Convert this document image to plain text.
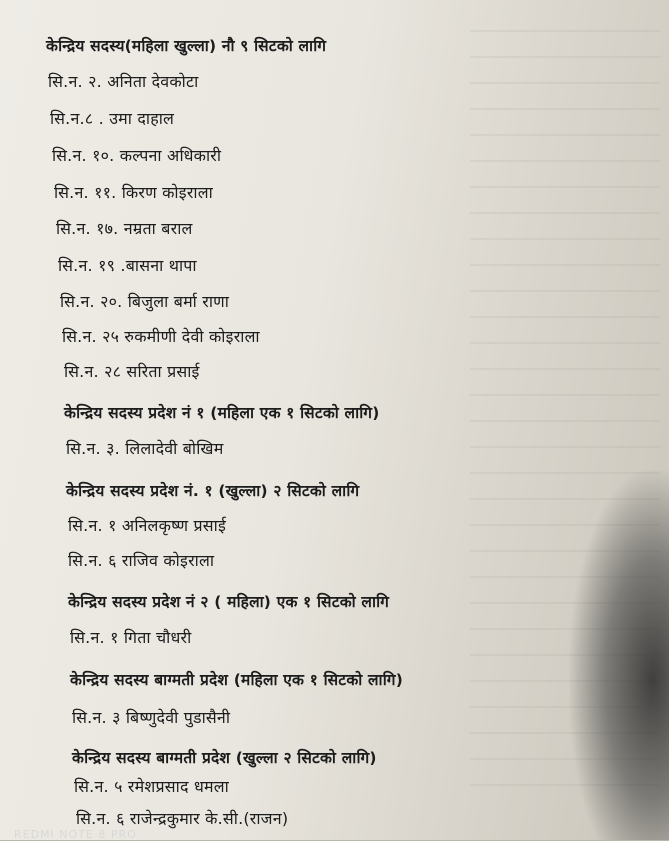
केन्द्रिय सदस्य(महिला खुल्ला) नौ ९ सिटको लागि
सि.न. २. अनिता देवकोटा
सि.न.८ . उमा दाहाल
सि.न. १०. कल्पना अधिकारी
सि.न. ११. किरण कोइराला
सि.न. १७. नम्रता बराल
सि.न. १९ .बासना थापा
सि.न. २०. बिजुला बर्मा राणा
सि.न. २५ रुकमीणी देवी कोइराला
सि.न. २८ सरिता प्रसाई
केन्द्रिय सदस्य प्रदेश नं १ (महिला एक १ सिटको लागि)
सि.न. ३. लिलादेवी बोखिम
केन्द्रिय सदस्य प्रदेश नं. १ (खुल्ला) २ सिटको लागि
सि.न. १ अनिलकृष्ण प्रसाई
सि.न. ६ राजिव कोइराला
केन्द्रिय सदस्य प्रदेश नं २ ( महिला) एक १ सिटको लागि
सि.न. १ गिता चौधरी
केन्द्रिय सदस्य बाग्मती प्रदेश (महिला एक १ सिटको लागि)
सि.न. ३ बिष्णुदेवी पुडासैनी
केन्द्रिय सदस्य बाग्मती प्रदेश (खुल्ला २ सिटको लागि)
सि.न. ५ रमेशप्रसाद धमला
सि.न. ६ राजेन्द्रकुमार के.सी.(राजन)
REDMI NOTE 8 PRO
